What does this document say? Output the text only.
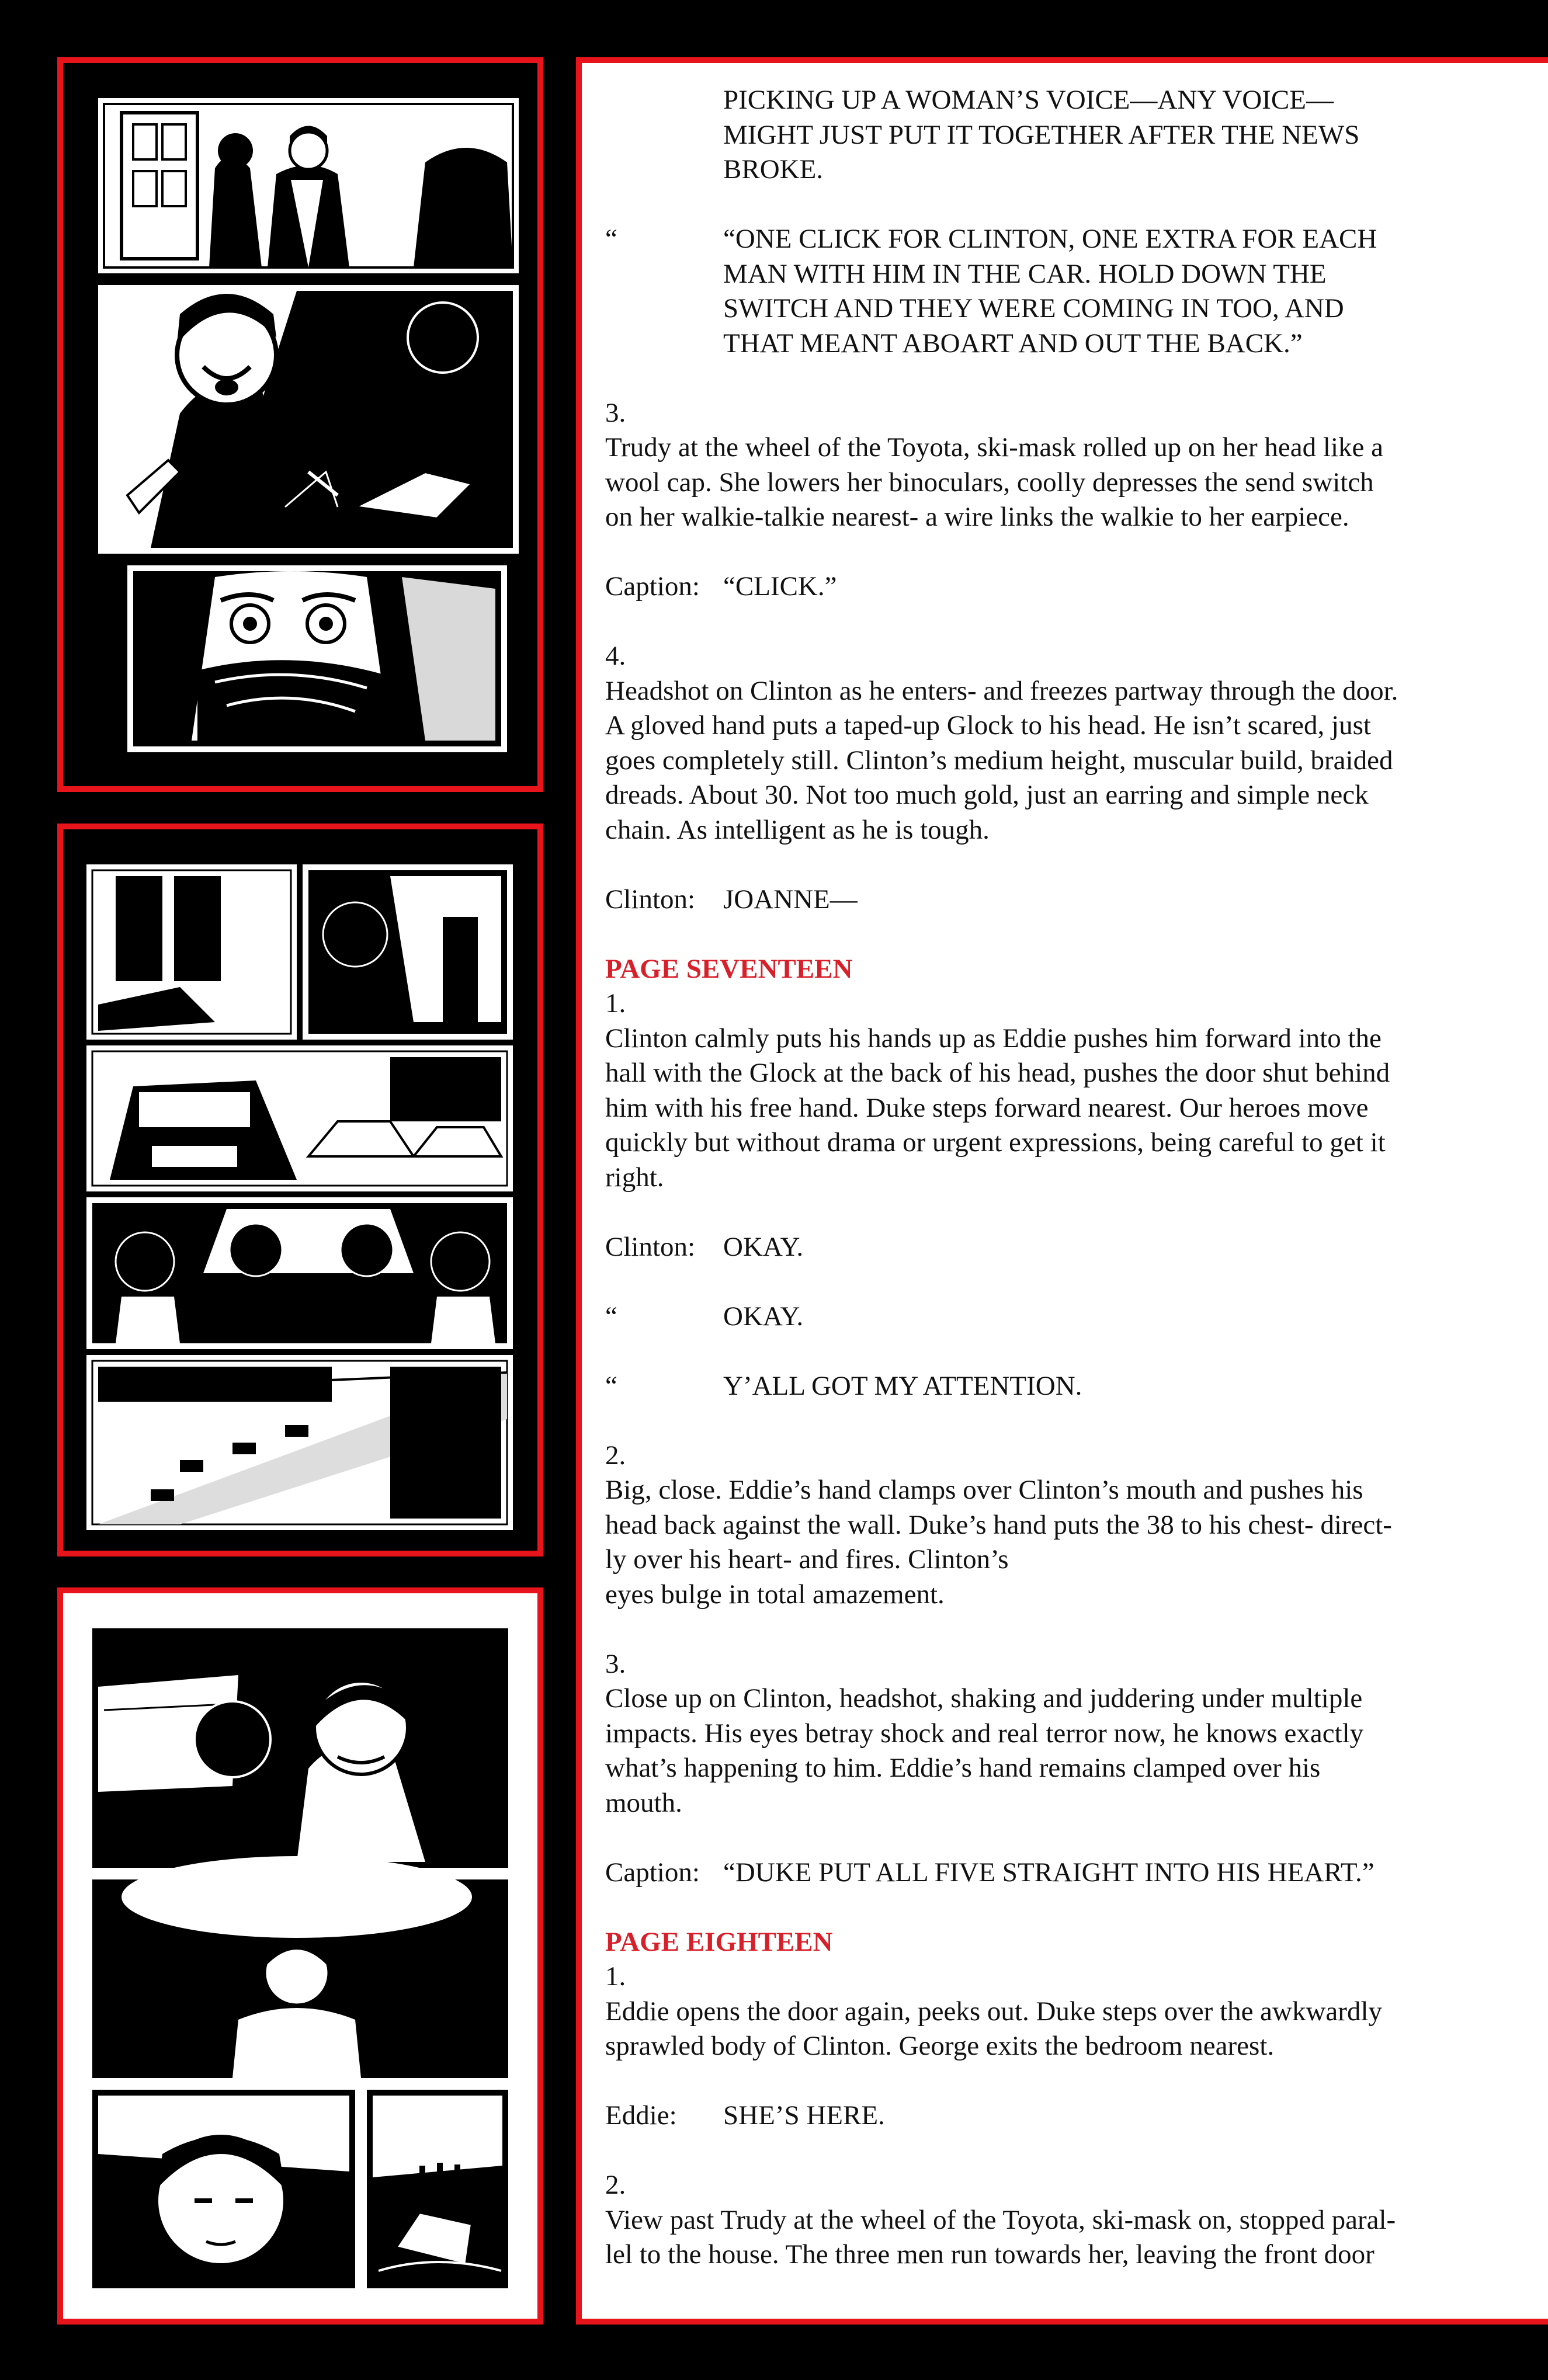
PICKING UP A WOMAN’S VOICE—ANY VOICE—
MIGHT JUST PUT IT TOGETHER AFTER THE NEWS
BROKE.
“	“ONE CLICK FOR CLINTON, ONE EXTRA FOR EACH
MAN WITH HIM IN THE CAR. HOLD DOWN THE
SWITCH AND THEY WERE COMING IN TOO, AND
THAT MEANT ABOART AND OUT THE BACK.”

3.

Trudy at the wheel of the Toyota, ski-mask rolled up on her head like a
wool cap. She lowers her binoculars, coolly depresses the send switch
on her walkie-talkie nearest- a wire links the walkie to her earpiece.

Caption: “CLICK.”

4.

Headshot on Clinton as he enters- and freezes partway through the door.
A gloved hand puts a taped-up Glock to his head. He isn’t scared, just
goes completely still. Clinton’s medium height, muscular build, braided
dreads. About 30. Not too much gold, just an earring and simple neck
chain. As intelligent as he is tough.

Clinton:	JOANNE—

PAGE SEVENTEEN

1.

Clinton calmly puts his hands up as Eddie pushes him forward into the
hall with the Glock at the back of his head, pushes the door shut behind
him with his free hand. Duke steps forward nearest. Our heroes move
quickly but without drama or urgent expressions, being careful to get it
right.

Clinton:	OKAY.
“	OKAY.
“	Y’ALL GOT MY ATTENTION.

2.

Big, close. Eddie’s hand clamps over Clinton’s mouth and pushes his
head back against the wall. Duke’s hand puts the 38 to his chest- direct-
ly over his heart- and fires. Clinton’s
eyes bulge in total amazement.

3.

Close up on Clinton, headshot, shaking and juddering under multiple
impacts. His eyes betray shock and real terror now, he knows exactly
what’s happening to him. Eddie’s hand remains clamped over his
mouth.

Caption: “DUKE PUT ALL FIVE STRAIGHT INTO HIS HEART.”

PAGE EIGHTEEN

1.

Eddie opens the door again, peeks out. Duke steps over the awkwardly
sprawled body of Clinton. George exits the bedroom nearest.

Eddie:	SHE’S HERE.

2.

View past Trudy at the wheel of the Toyota, ski-mask on, stopped paral-
lel to the house. The three men run towards her, leaving the front door
